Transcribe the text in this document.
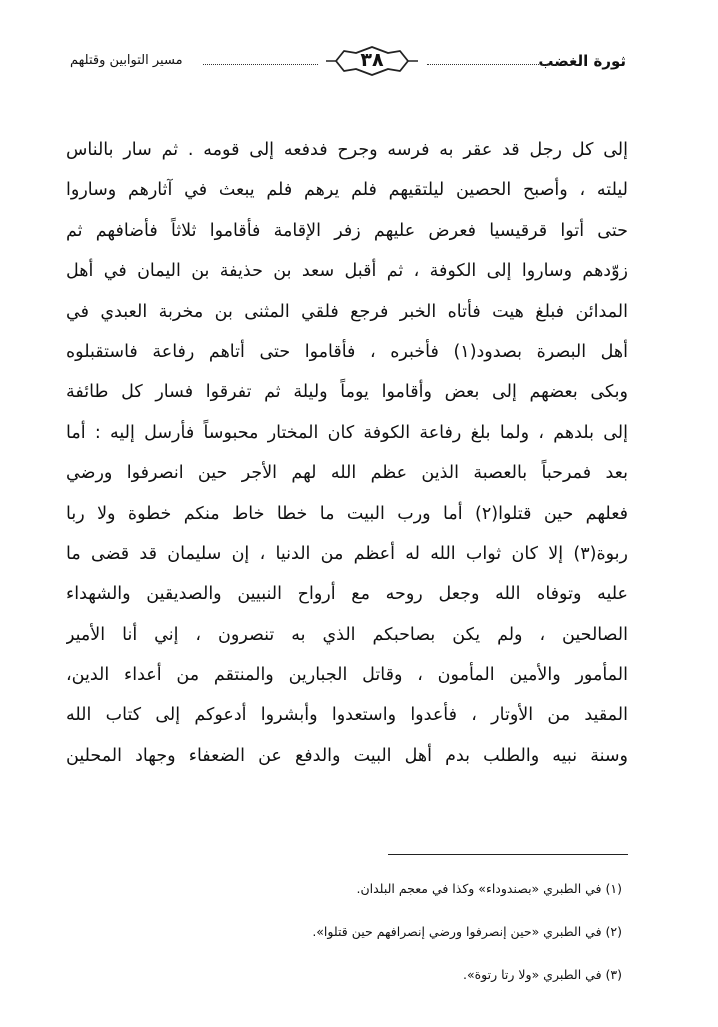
ثورة الغضب
٣٨
مسير التوابين وقتلهم
إلى كل رجل قد عقر به فرسه وجرح فدفعه إلى قومه . ثم سار بالناس
ليلته ، وأصبح الحصين ليلتقيهم فلم يرهم فلم يبعث في آثارهم وساروا
حتى أتوا قرقيسيا فعرض عليهم زفر الإقامة فأقاموا ثلاثاً فأضافهم ثم
زوّدهم وساروا إلى الكوفة ، ثم أقبل سعد بن حذيفة بن اليمان في أهل
المدائن فبلغ هيت فأتاه الخبر فرجع فلقي المثنى بن مخربة العبدي في
أهل البصرة بصدود(١) فأخبره ، فأقاموا حتى أتاهم رفاعة فاستقبلوه
وبكى بعضهم إلى بعض وأقاموا يوماً وليلة ثم تفرقوا فسار كل طائفة
إلى بلدهم ، ولما بلغ رفاعة الكوفة كان المختار محبوساً فأرسل إليه : أما
بعد فمرحباً بالعصبة الذين عظم الله لهم الأجر حين انصرفوا ورضي
فعلهم حين قتلوا(٢) أما ورب البيت ما خطا خاط منكم خطوة ولا ربا
ربوة(٣) إلا كان ثواب الله له أعظم من الدنيا ، إن سليمان قد قضى ما
عليه وتوفاه الله وجعل روحه مع أرواح النبيين والصديقين والشهداء
الصالحين ، ولم يكن بصاحبكم الذي به تنصرون ، إني أنا الأمير
المأمور والأمين المأمون ، وقاتل الجبارين والمنتقم من أعداء الدين،
المقيد من الأوتار ، فأعدوا واستعدوا وأبشروا أدعوكم إلى كتاب الله
وسنة نبيه والطلب بدم أهل البيت والدفع عن الضعفاء وجهاد المحلين
(١) في الطبري «بصندوداء» وكذا في معجم البلدان.
(٢) في الطبري «حين إنصرفوا ورضي إنصرافهم حين قتلوا».
(٣) في الطبري «ولا رتا رتوة».
